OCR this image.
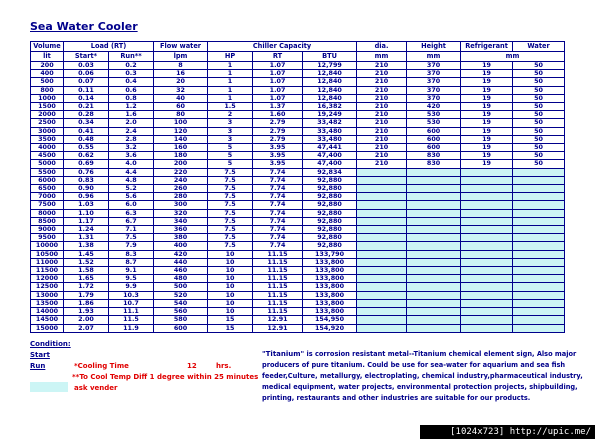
Sea Water Cooler
Volume	Load (RT)		Flow water	Chiller Capacity			dia.	Height	Refrigerant	Water
lit	Start*	Run**	lpm	HP	RT	BTU	mm	mm	mm	
200	0.03	0.2	8	1	1.07	12,799	210	370	19	50
400	0.06	0.3	16	1	1.07	12,840	210	370	19	50
500	0.07	0.4	20	1	1.07	12,840	210	370	19	50
800	0.11	0.6	32	1	1.07	12,840	210	370	19	50
1000	0.14	0.8	40	1	1.07	12,840	210	370	19	50
1500	0.21	1.2	60	1.5	1.37	16,382	210	420	19	50
2000	0.28	1.6	80	2	1.60	19,249	210	530	19	50
2500	0.34	2.0	100	3	2.79	33,482	210	530	19	50
3000	0.41	2.4	120	3	2.79	33,480	210	600	19	50
3500	0.48	2.8	140	3	2.79	33,480	210	600	19	50
4000	0.55	3.2	160	5	3.95	47,441	210	600	19	50
4500	0.62	3.6	180	5	3.95	47,400	210	830	19	50
5000	0.69	4.0	200	5	3.95	47,400	210	830	19	50
5500	0.76	4.4	220	7.5	7.74	92,834				
6000	0.83	4.8	240	7.5	7.74	92,880				
6500	0.90	5.2	260	7.5	7.74	92,880				
7000	0.96	5.6	280	7.5	7.74	92,880				
7500	1.03	6.0	300	7.5	7.74	92,880				
8000	1.10	6.3	320	7.5	7.74	92,880				
8500	1.17	6.7	340	7.5	7.74	92,880				
9000	1.24	7.1	360	7.5	7.74	92,880				
9500	1.31	7.5	380	7.5	7.74	92,880				
10000	1.38	7.9	400	7.5	7.74	92,880				
10500	1.45	8.3	420	10	11.15	133,790				
11000	1.52	8.7	440	10	11.15	133,800				
11500	1.58	9.1	460	10	11.15	133,800				
12000	1.65	9.5	480	10	11.15	133,800				
12500	1.72	9.9	500	10	11.15	133,800				
13000	1.79	10.3	520	10	11.15	133,800				
13500	1.86	10.7	540	10	11.15	133,800				
14000	1.93	11.1	560	10	11.15	133,800				
14500	2.00	11.5	580	15	12.91	154,950				
15000	2.07	11.9	600	15	12.91	154,920				
Condition:
Start
Run	*Cooling Time	12	hrs.
**To Cool Temp Diff 1 degree within 25 minutes
ask vender
"Titanium" is corrosion resistant metal--Titanium chemical element sign, Also major producers of pure titanium. Could be use for sea-water for aquarium and sea fish feeder,Culture, metallurgy, electroplating, chemical industry,pharmaceutical industry, medical equipment, water projects, environmental protection projects, shipbuilding, printing, restaurants and other industries are suitable for our products.
[1024x723] http://upic.me/
